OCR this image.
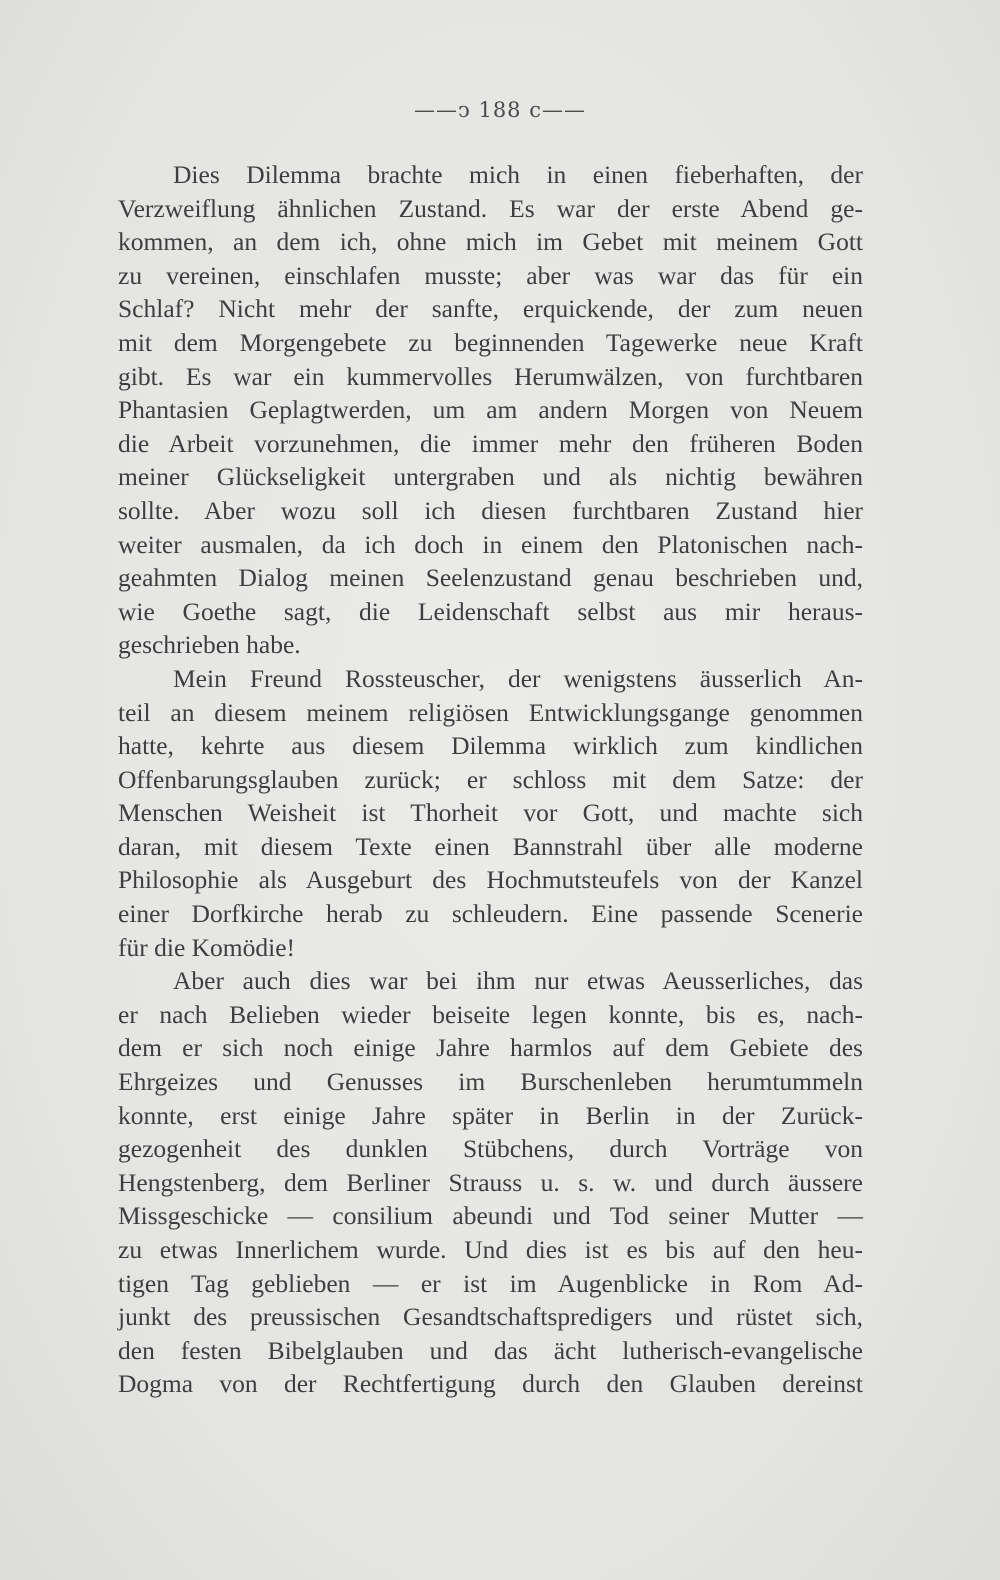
——ↄ 188 c——
Dies Dilemma brachte mich in einen fieberhaften, der
Verzweiflung ähnlichen Zustand. Es war der erste Abend ge-
kommen, an dem ich, ohne mich im Gebet mit meinem Gott
zu vereinen, einschlafen musste; aber was war das für ein
Schlaf? Nicht mehr der sanfte, erquickende, der zum neuen
mit dem Morgengebete zu beginnenden Tagewerke neue Kraft
gibt. Es war ein kummervolles Herumwälzen, von furchtbaren
Phantasien Geplagtwerden, um am andern Morgen von Neuem
die Arbeit vorzunehmen, die immer mehr den früheren Boden
meiner Glückseligkeit untergraben und als nichtig bewähren
sollte. Aber wozu soll ich diesen furchtbaren Zustand hier
weiter ausmalen, da ich doch in einem den Platonischen nach-
geahmten Dialog meinen Seelenzustand genau beschrieben und,
wie Goethe sagt, die Leidenschaft selbst aus mir heraus-
geschrieben habe.
Mein Freund Rossteuscher, der wenigstens äusserlich An-
teil an diesem meinem religiösen Entwicklungsgange genommen
hatte, kehrte aus diesem Dilemma wirklich zum kindlichen
Offenbarungsglauben zurück; er schloss mit dem Satze: der
Menschen Weisheit ist Thorheit vor Gott, und machte sich
daran, mit diesem Texte einen Bannstrahl über alle moderne
Philosophie als Ausgeburt des Hochmutsteufels von der Kanzel
einer Dorfkirche herab zu schleudern. Eine passende Scenerie
für die Komödie!
Aber auch dies war bei ihm nur etwas Aeusserliches, das
er nach Belieben wieder beiseite legen konnte, bis es, nach-
dem er sich noch einige Jahre harmlos auf dem Gebiete des
Ehrgeizes und Genusses im Burschenleben herumtummeln
konnte, erst einige Jahre später in Berlin in der Zurück-
gezogenheit des dunklen Stübchens, durch Vorträge von
Hengstenberg, dem Berliner Strauss u. s. w. und durch äussere
Missgeschicke — consilium abeundi und Tod seiner Mutter —
zu etwas Innerlichem wurde. Und dies ist es bis auf den heu-
tigen Tag geblieben — er ist im Augenblicke in Rom Ad-
junkt des preussischen Gesandtschaftspredigers und rüstet sich,
den festen Bibelglauben und das ächt lutherisch-evangelische
Dogma von der Rechtfertigung durch den Glauben dereinst
